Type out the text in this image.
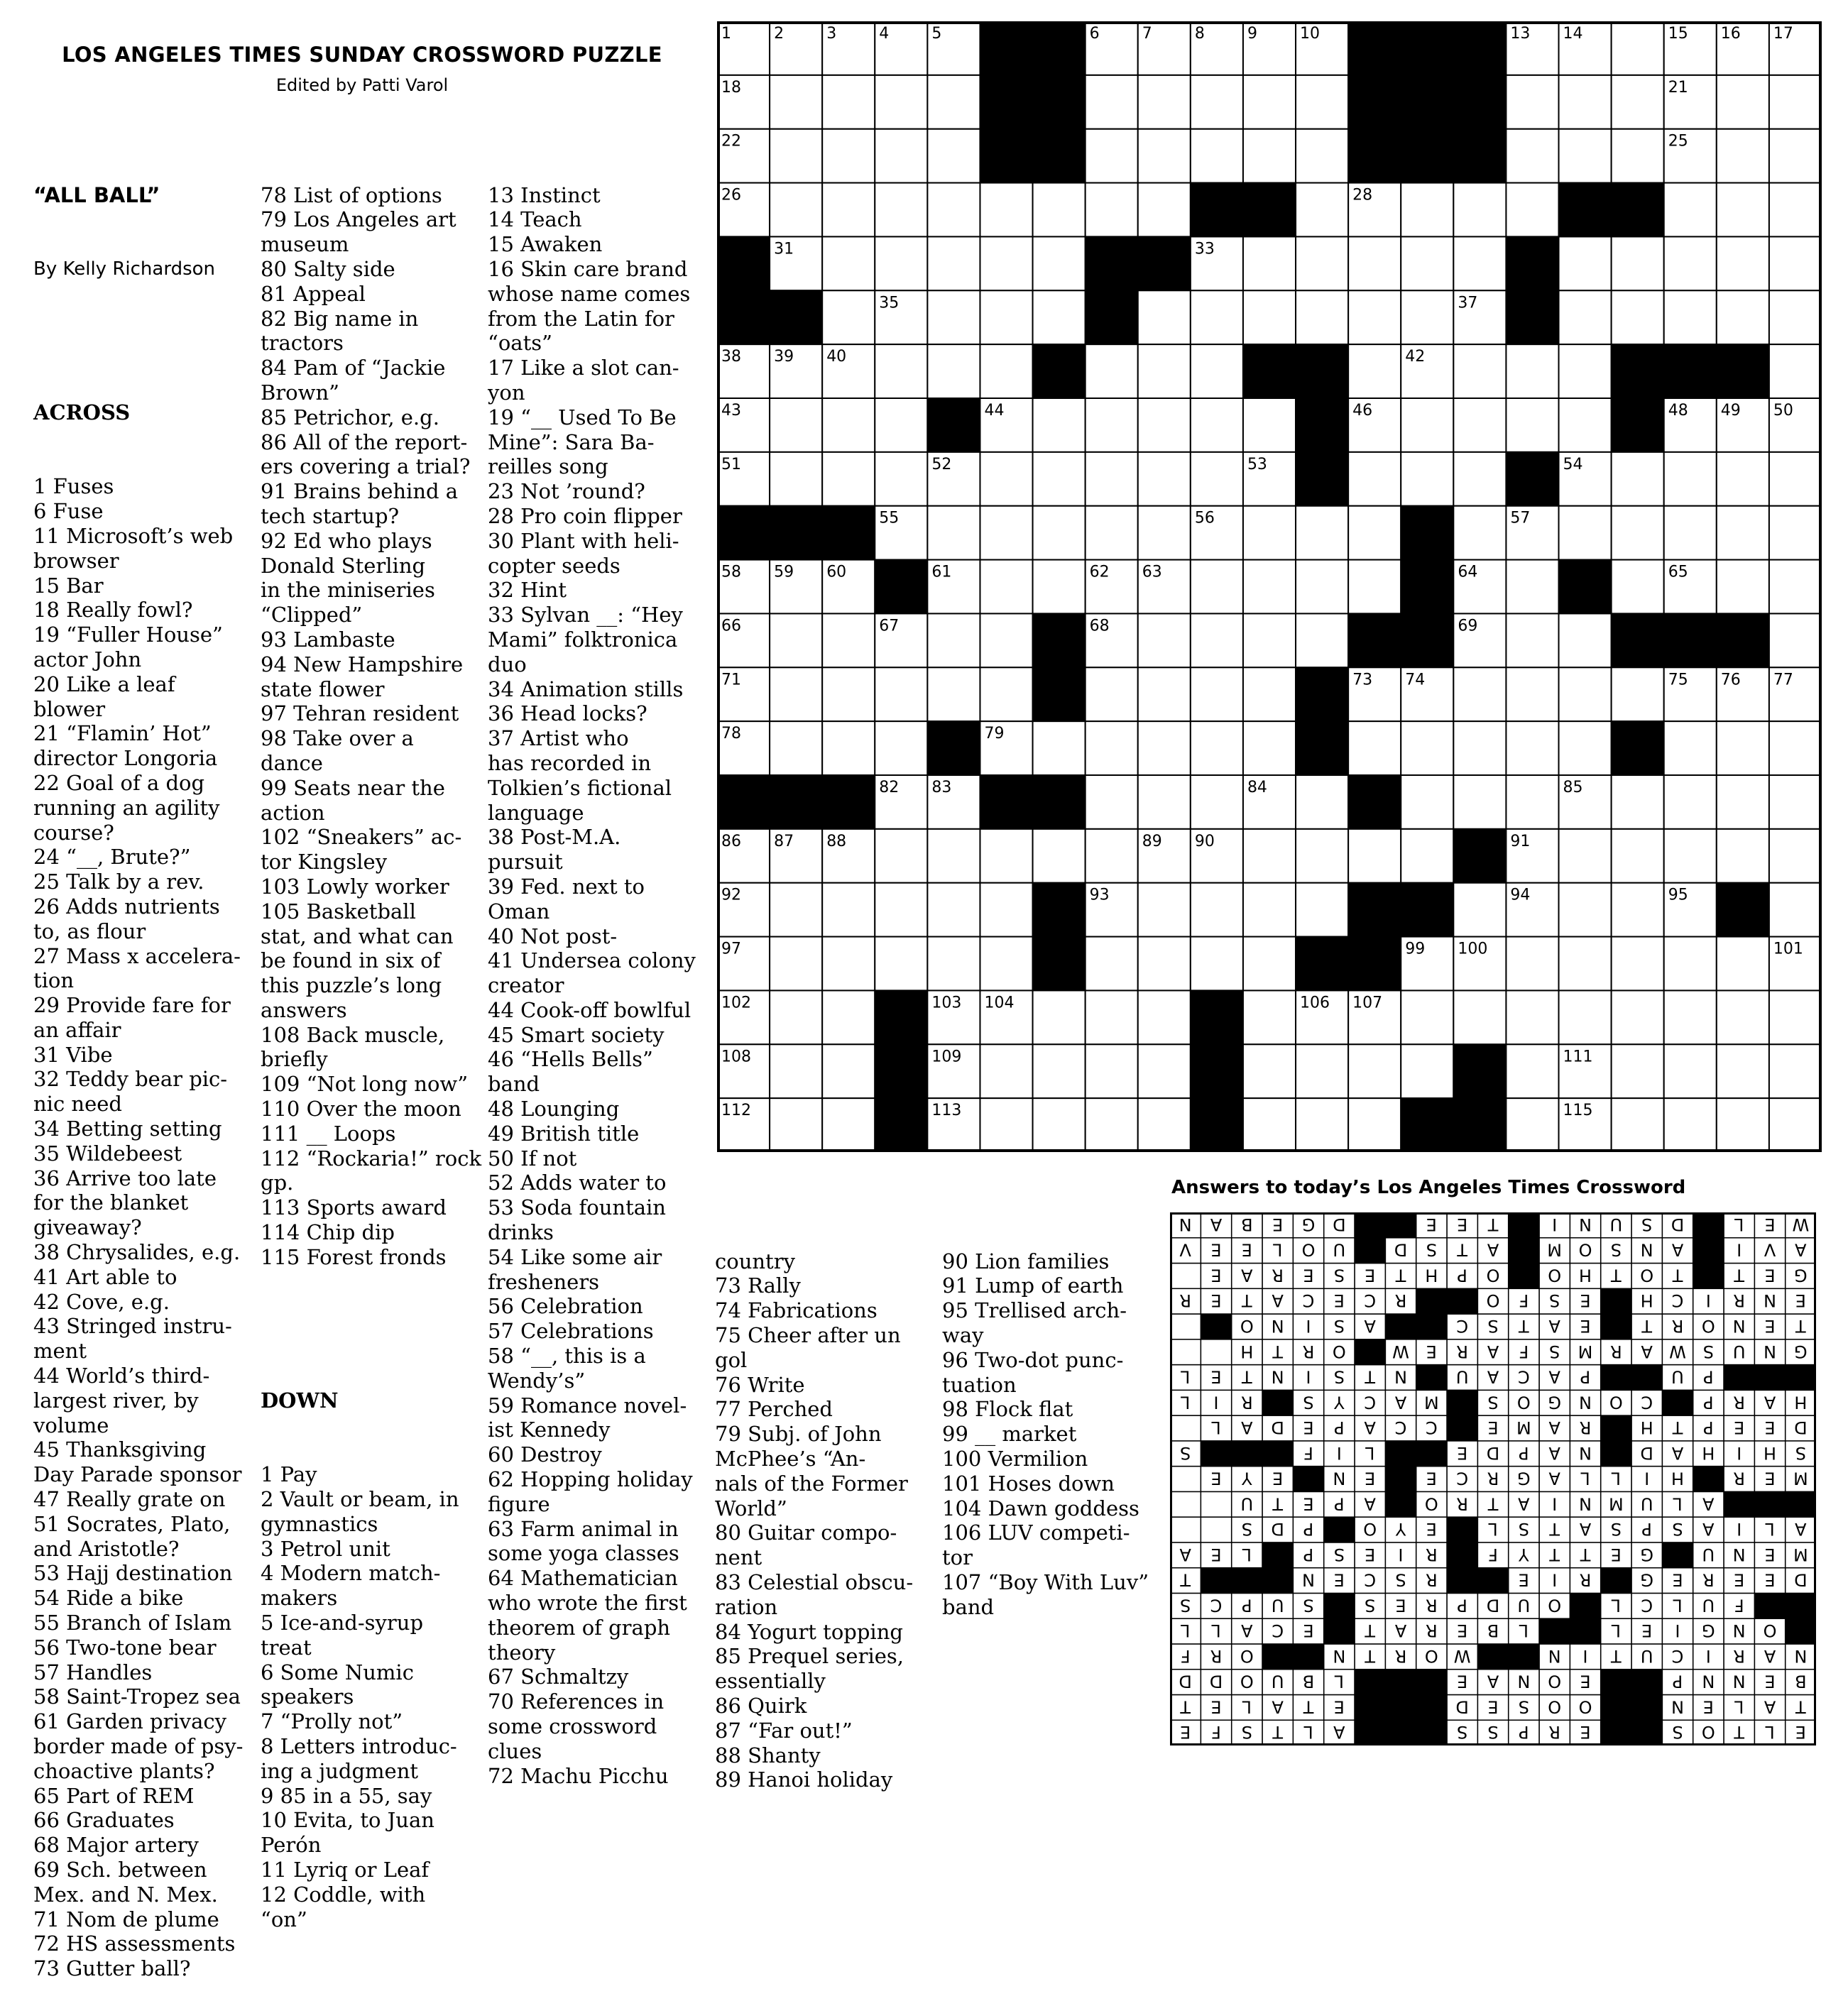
LOS ANGELES TIMES SUNDAY CROSSWORD PUZZLE
Edited by Patti Varol

“ALL BALL”

By Kelly Richardson

ACROSS

1 Fuses
6 Fuse
11 Microsoft’s web
browser
15 Bar
18 Really fowl?
19 “Fuller House”
actor John
20 Like a leaf
blower
21 “Flamin’ Hot”
director Longoria
22 Goal of a dog
running an agility
course?
24 “__, Brute?”
25 Talk by a rev.
26 Adds nutrients
to, as flour
27 Mass x accelera-
tion
29 Provide fare for
an affair
31 Vibe
32 Teddy bear pic-
nic need
34 Betting setting
35 Wildebeest
36 Arrive too late
for the blanket
giveaway?
38 Chrysalides, e.g.
41 Art able to
42 Cove, e.g.
43 Stringed instru-
ment
44 World’s third-
largest river, by
volume
45 Thanksgiving
Day Parade sponsor
47 Really grate on
51 Socrates, Plato,
and Aristotle?
53 Hajj destination
54 Ride a bike
55 Branch of Islam
56 Two-tone bear
57 Handles
58 Saint-Tropez sea
61 Garden privacy
border made of psy-
choactive plants?
65 Part of REM
66 Graduates
68 Major artery
69 Sch. between
Mex. and N. Mex.
71 Nom de plume
72 HS assessments
73 Gutter ball?

78 List of options
79 Los Angeles art
museum
80 Salty side
81 Appeal
82 Big name in
tractors
84 Pam of “Jackie
Brown”
85 Petrichor, e.g.
86 All of the report-
ers covering a trial?
91 Brains behind a
tech startup?
92 Ed who plays
Donald Sterling
in the miniseries
“Clipped”
93 Lambaste
94 New Hampshire
state flower
97 Tehran resident
98 Take over a
dance
99 Seats near the
action
102 “Sneakers” ac-
tor Kingsley
103 Lowly worker
105 Basketball
stat, and what can
be found in six of
this puzzle’s long
answers
108 Back muscle,
briefly
109 “Not long now”
110 Over the moon
111 __ Loops
112 “Rockaria!” rock
gp.
113 Sports award
114 Chip dip
115 Forest fronds

DOWN

1 Pay
2 Vault or beam, in
gymnastics
3 Petrol unit
4 Modern match-
makers
5 Ice-and-syrup
treat
6 Some Numic
speakers
7 “Prolly not”
8 Letters introduc-
ing a judgment
9 85 in a 55, say
10 Evita, to Juan
Perón
11 Lyriq or Leaf
12 Coddle, with
“on”

13 Instinct
14 Teach
15 Awaken
16 Skin care brand
whose name comes
from the Latin for
“oats”
17 Like a slot can-
yon
19 “__ Used To Be
Mine”: Sara Ba-
reilles song
23 Not ’round?
28 Pro coin flipper
30 Plant with heli-
copter seeds
32 Hint
33 Sylvan __: “Hey
Mami” folktronica
duo
34 Animation stills
36 Head locks?
37 Artist who
has recorded in
Tolkien’s fictional
language
38 Post-M.A.
pursuit
39 Fed. next to
Oman
40 Not post-
41 Undersea colony
creator
44 Cook-off bowlful
45 Smart society
46 “Hells Bells”
band
48 Lounging
49 British title
50 If not
52 Adds water to
53 Soda fountain
drinks
54 Like some air
fresheners
56 Celebration
57 Celebrations
58 “__, this is a
Wendy’s”
59 Romance novel-
ist Kennedy
60 Destroy
62 Hopping holiday
figure
63 Farm animal in
some yoga classes
64 Mathematician
who wrote the first
theorem of graph
theory
67 Schmaltzy
70 References in
some crossword
clues
72 Machu Picchu

country
73 Rally
74 Fabrications
75 Cheer after un
gol
76 Write
77 Perched
79 Subj. of John
McPhee’s “An-
nals of the Former
World”
80 Guitar compo-
nent
83 Celestial obscu-
ration
84 Yogurt topping
85 Prequel series,
essentially
86 Quirk
87 “Far out!”
88 Shanty
89 Hanoi holiday

90 Lion families
91 Lump of earth
95 Trellised arch-
way
96 Two-dot punc-
tuation
98 Flock flat
99 __ market
100 Vermilion
101 Hoses down
104 Dawn goddess
106 LUV competi-
tor
107 “Boy With Luv”
band

1	2	3	4	5	6	7	8	9	10	11 12 13 14	15 16 17
18	19	20	21
22	23	24	25
26	27	28	29 30
31	32 33	34
35	36	37
38 39 40	41	42
43	44	45 46	47 48 49 50
51	52	53	54
55	56	57
58 59 60	61	62 63	64	65
66	67	68	69	70
71	72	73 74	75 76 77
78	79	80	81
82 83	84	85
86 87 88	89 90	91
92	93	94	95 96
97	98	99 100	101
102	103 104	105	106 107
108	109	110	111
112	113	114	115
Answers to today’s Los Angeles Times Crossword
E
L
T
O
S
E
R
P
S
S
A
L
T
S
F
E
T
A
L
E
N
O
O
S
E
D
E
T
A
L
E
T
B
E
N
N
P
E
O
N
A
E
L
B
U
O
D
D
N
A
R
I
C
U
T
I
N
W
O
R
T
N
O
R
F
O
N
G
I
E
L
L
B
E
R
A
T
E
C
A
L
L
F
U
L
C
L
O
U
D
P
R
E
S
S
U
P
C
S
D
E
E
R
E
G
R
I
E
R
S
C
E
N
T
M
E
N
U
G
E
T
T
Y
F
R
I
E
S
P
L
E
A
A
L
I
A
S
P
S
A
T
S
L
E
Y
O
P
D
S
A
L
U
M
N
I
A
T
R
O
A
P
E
T
U
M
E
R
H
I
L
L
A
G
R
C
E
E
N
E
Y
E
S
H
I
H
A
D
N
A
P
D
E
L
I
F
S
D
E
E
P
T
H
R
A
M
E
C
C
A
P
E
D
A
L
H
A
R
P
C
O
N
G
O
S
M
A
C
Y
S
R
I
L
P
U
P
A
C
A
U
N
T
S
I
N
T
E
L
G
N
U
S
W
A
R
M
S
F
A
R
E
W
O
R
T
H
T
E
N
O
R
T
E
A
T
S
C
A
S
I
N
O
E
N
R
I
C
H
E
S
F
O
R
C
E
C
A
T
E
R
G
E
T
T
O
T
H
O
O
P
H
T
E
S
E
R
A
E
A
V
I
A
N
S
O
M
A
T
S
D
U
O
L
E
E
V
W
E
L
D
S
U
N
I
T
E
E
D
G
E
B
A
N
